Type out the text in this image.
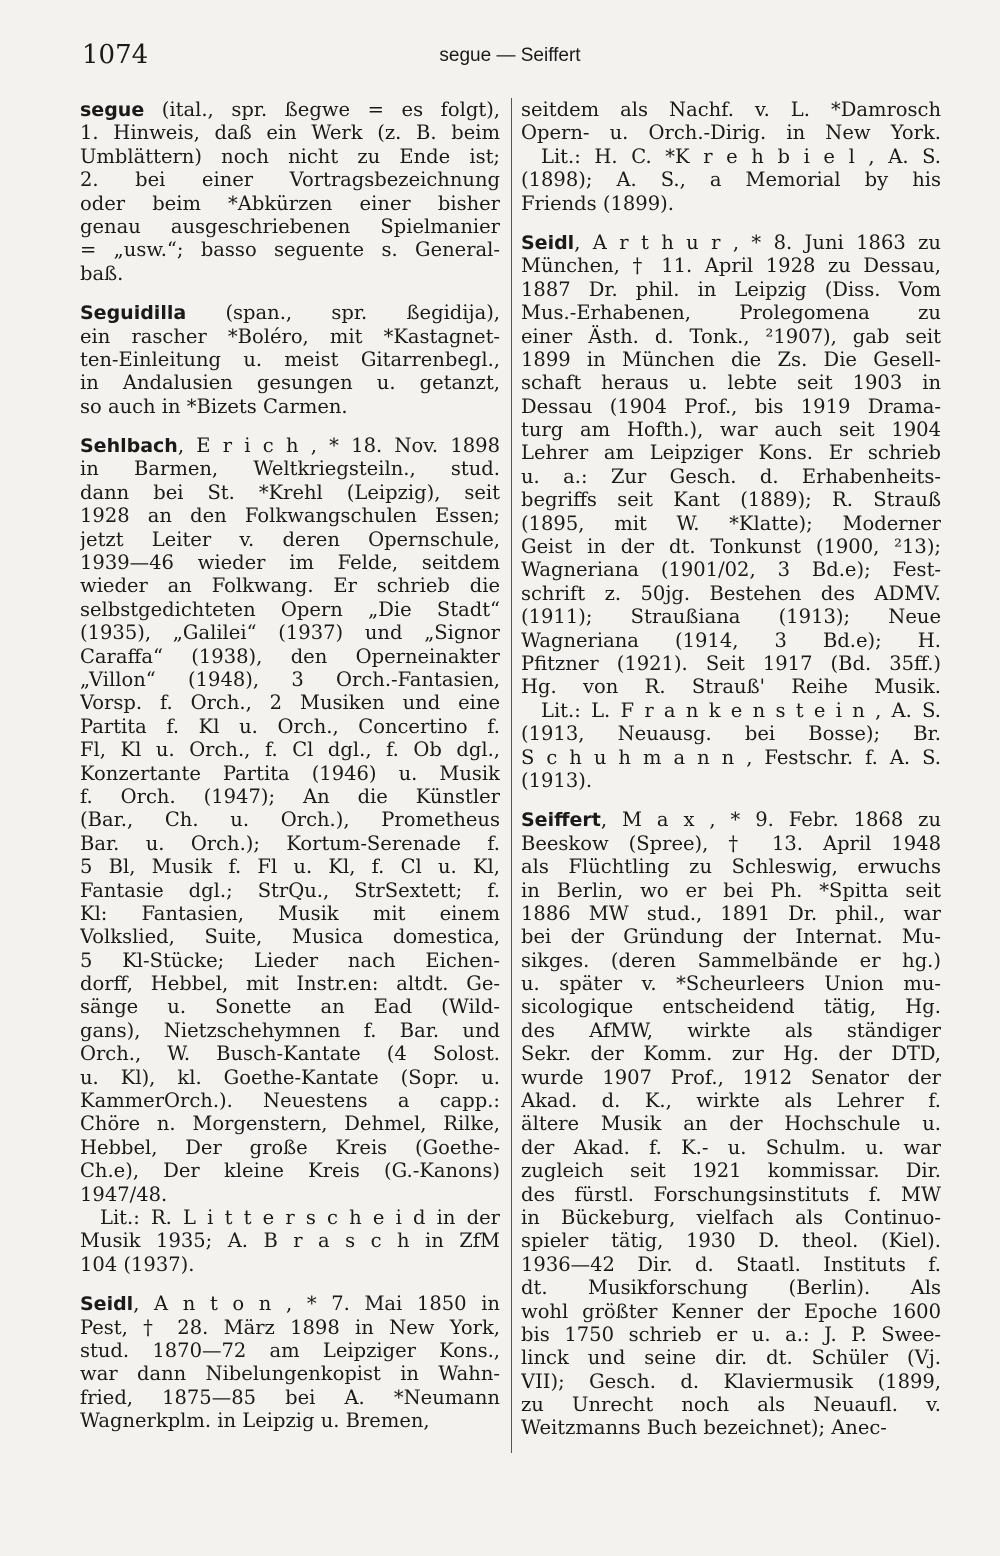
1074	segue — Seiffert
segue (ital., spr. ßegwe = es folgt),
1. Hinweis, daß ein Werk (z. B. beim
Umblättern) noch nicht zu Ende ist;
2. bei einer Vortragsbezeichnung
oder beim *Abkürzen einer bisher
genau ausgeschriebenen Spielmanier
= „usw.“; basso seguente s. General-
baß.
Seguidilla (span., spr. ßegidija),
ein rascher *Boléro, mit *Kastagnet-
ten-Einleitung u. meist Gitarrenbegl.,
in Andalusien gesungen u. getanzt,
so auch in *Bizets Carmen.
Sehlbach, E r i c h , * 18. Nov. 1898
in Barmen, Weltkriegsteiln., stud.
dann bei St. *Krehl (Leipzig), seit
1928 an den Folkwangschulen Essen;
jetzt Leiter v. deren Opernschule,
1939—46 wieder im Felde, seitdem
wieder an Folkwang. Er schrieb die
selbstgedichteten Opern „Die Stadt“
(1935), „Galilei“ (1937) und „Signor
Caraffa“ (1938), den Operneinakter
„Villon“ (1948), 3 Orch.-Fantasien,
Vorsp. f. Orch., 2 Musiken und eine
Partita f. Kl u. Orch., Concertino f.
Fl, Kl u. Orch., f. Cl dgl., f. Ob dgl.,
Konzertante Partita (1946) u. Musik
f. Orch. (1947); An die Künstler
(Bar., Ch. u. Orch.), Prometheus
Bar. u. Orch.); Kortum-Serenade f.
5 Bl, Musik f. Fl u. Kl, f. Cl u. Kl,
Fantasie dgl.; StrQu., StrSextett; f.
Kl: Fantasien, Musik mit einem
Volkslied, Suite, Musica domestica,
5 Kl-Stücke; Lieder nach Eichen-
dorff, Hebbel, mit Instr.en: altdt. Ge-
sänge u. Sonette an Ead (Wild-
gans), Nietzschehymnen f. Bar. und
Orch., W. Busch-Kantate (4 Solost.
u. Kl), kl. Goethe-Kantate (Sopr. u.
KammerOrch.). Neuestens a capp.:
Chöre n. Morgenstern, Dehmel, Rilke,
Hebbel, Der große Kreis (Goethe-
Ch.e), Der kleine Kreis (G.-Kanons)
1947/48.
Lit.: R. L i t t e r s c h e i d in der
Musik 1935; A. B r a s c h in ZfM
104 (1937).
Seidl, A n t o n , * 7. Mai 1850 in
Pest, † 28. März 1898 in New York,
stud. 1870—72 am Leipziger Kons.,
war dann Nibelungenkopist in Wahn-
fried, 1875—85 bei A. *Neumann
Wagnerkplm. in Leipzig u. Bremen,
seitdem als Nachf. v. L. *Damrosch
Opern- u. Orch.-Dirig. in New York.
Lit.: H. C. *K r e h b i e l , A. S.
(1898); A. S., a Memorial by his
Friends (1899).
Seidl, A r t h u r , * 8. Juni 1863 zu
München, † 11. April 1928 zu Dessau,
1887 Dr. phil. in Leipzig (Diss. Vom
Mus.-Erhabenen, Prolegomena zu
einer Ästh. d. Tonk., ²1907), gab seit
1899 in München die Zs. Die Gesell-
schaft heraus u. lebte seit 1903 in
Dessau (1904 Prof., bis 1919 Drama-
turg am Hofth.), war auch seit 1904
Lehrer am Leipziger Kons. Er schrieb
u. a.: Zur Gesch. d. Erhabenheits-
begriffs seit Kant (1889); R. Strauß
(1895, mit W. *Klatte); Moderner
Geist in der dt. Tonkunst (1900, ²13);
Wagneriana (1901/02, 3 Bd.e); Fest-
schrift z. 50jg. Bestehen des ADMV.
(1911); Straußiana (1913); Neue
Wagneriana (1914, 3 Bd.e); H.
Pfitzner (1921). Seit 1917 (Bd. 35ff.)
Hg. von R. Strauß' Reihe Musik.
Lit.: L. F r a n k e n s t e i n , A. S.
(1913, Neuausg. bei Bosse); Br.
S c h u h m a n n , Festschr. f. A. S.
(1913).
Seiffert, M a x , * 9. Febr. 1868 zu
Beeskow (Spree), † 13. April 1948
als Flüchtling zu Schleswig, erwuchs
in Berlin, wo er bei Ph. *Spitta seit
1886 MW stud., 1891 Dr. phil., war
bei der Gründung der Internat. Mu-
sikges. (deren Sammelbände er hg.)
u. später v. *Scheurleers Union mu-
sicologique entscheidend tätig, Hg.
des AfMW, wirkte als ständiger
Sekr. der Komm. zur Hg. der DTD,
wurde 1907 Prof., 1912 Senator der
Akad. d. K., wirkte als Lehrer f.
ältere Musik an der Hochschule u.
der Akad. f. K.- u. Schulm. u. war
zugleich seit 1921 kommissar. Dir.
des fürstl. Forschungsinstituts f. MW
in Bückeburg, vielfach als Continuo-
spieler tätig, 1930 D. theol. (Kiel).
1936—42 Dir. d. Staatl. Instituts f.
dt. Musikforschung (Berlin). Als
wohl größter Kenner der Epoche 1600
bis 1750 schrieb er u. a.: J. P. Swee-
linck und seine dir. dt. Schüler (Vj.
VII); Gesch. d. Klaviermusik (1899,
zu Unrecht noch als Neuaufl. v.
Weitzmanns Buch bezeichnet); Anec-
